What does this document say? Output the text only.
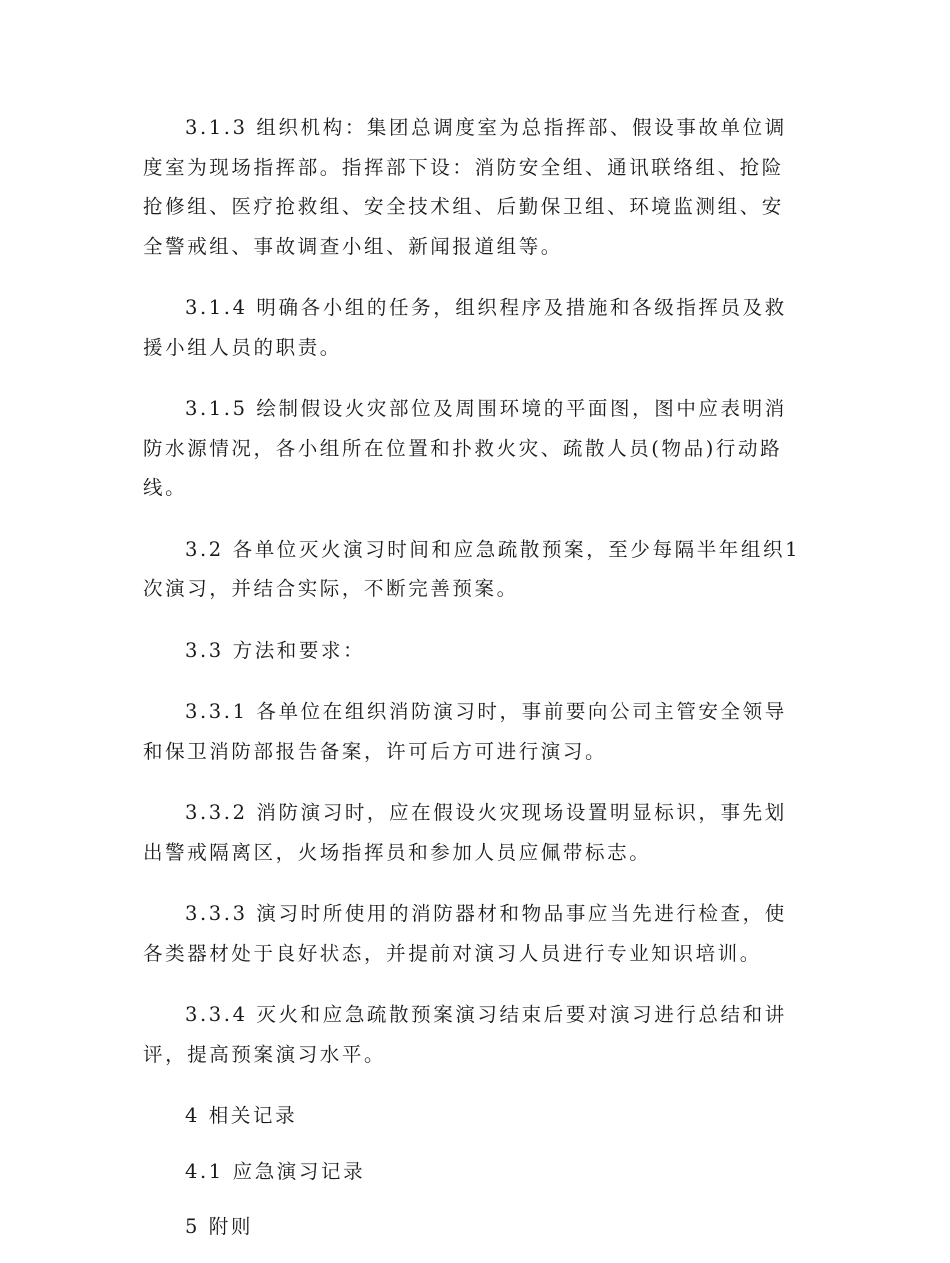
3.1.3 组织机构：集团总调度室为总指挥部、假设事故单位调度室为现场指挥部。指挥部下设：消防安全组、通讯联络组、抢险抢修组、医疗抢救组、安全技术组、后勤保卫组、环境监测组、安全警戒组、事故调查小组、新闻报道组等。

3.1.4 明确各小组的任务，组织程序及措施和各级指挥员及救援小组人员的职责。

3.1.5 绘制假设火灾部位及周围环境的平面图，图中应表明消防水源情况，各小组所在位置和扑救火灾、疏散人员(物品)行动路线。

3.2 各单位灭火演习时间和应急疏散预案，至少每隔半年组织1次演习，并结合实际，不断完善预案。

3.3 方法和要求：

3.3.1 各单位在组织消防演习时，事前要向公司主管安全领导和保卫消防部报告备案，许可后方可进行演习。

3.3.2 消防演习时，应在假设火灾现场设置明显标识，事先划出警戒隔离区，火场指挥员和参加人员应佩带标志。

3.3.3 演习时所使用的消防器材和物品事应当先进行检查，使各类器材处于良好状态，并提前对演习人员进行专业知识培训。

3.3.4 灭火和应急疏散预案演习结束后要对演习进行总结和讲评，提高预案演习水平。

4 相关记录

4.1 应急演习记录

5 附则
